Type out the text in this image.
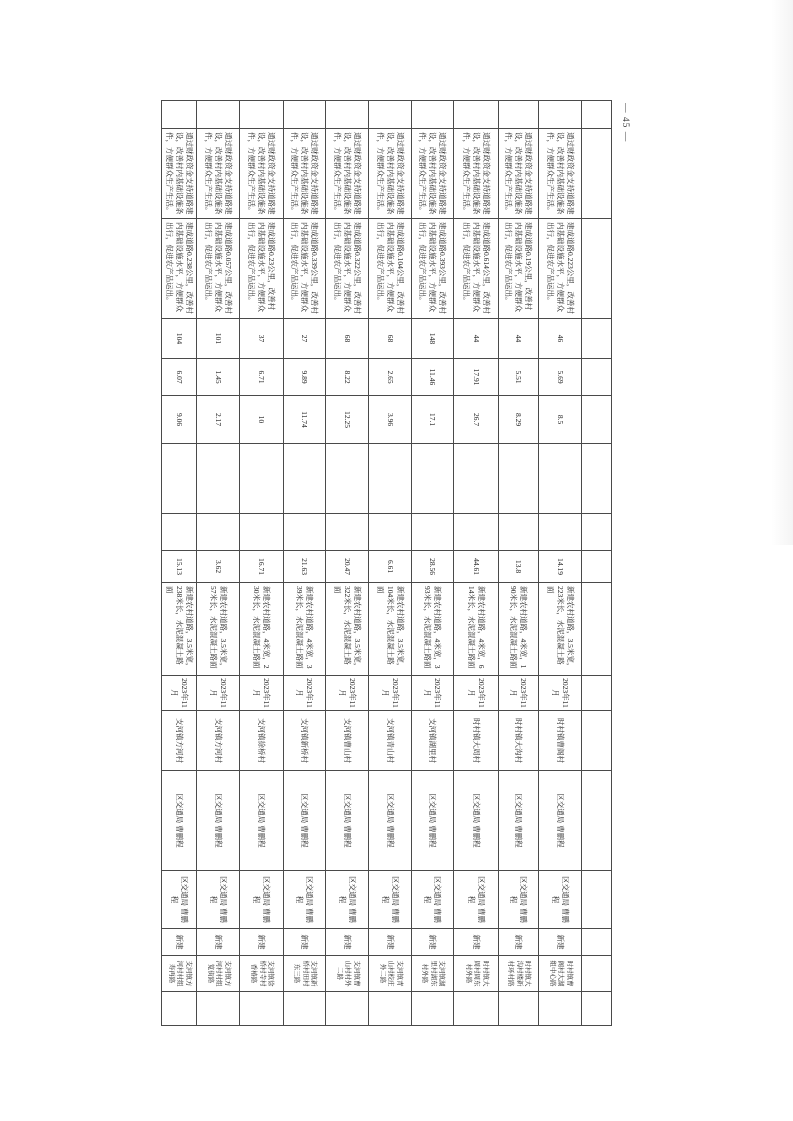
— 45 —

	通过财政资金支持道路建设，改善村内基础设施条件，方便群众生产生活。	建成道路0.223公里，改善村内基础设施水平，方便群众出行，促进农产品运出。	46	5.69	8.5			14.19	新建农村道路，3.5米宽，223米长，水泥混凝土路面	2023年11月	时村镇曹阁村	区交通局 曹鹏程	区交通局 曹鹏程	新建	时村镇曹阁村大湖组中心路	
	通过财政资金支持道路建设，改善村内基础设施条件，方便群众生产生活。	建成道路0.19公里，改善村内基础设施水平，方便群众出行，促进农产品运出。	44	5.51	8.29			13.8	新建农村道路，4米宽，190米长，水泥混凝土路面	2023年11月	时村镇大沟村	区交通局 曹鹏程	区交通局 曹鹏程	新建	时村镇大沟村楼新村环村路	
	通过财政资金支持道路建设，改善村内基础设施条件，方便群众生产生活。	建成道路0.614公里，改善村内基础设施水平，方便群众出行，促进农产品运出。	44	17.91	26.7			44.61	新建农村道路，4米宽，614米长，水泥混凝土路面	2023年11月	时村镇大周村	区交通局 曹鹏程	区交通局 曹鹏程	新建	时村镇大周村周东村外路	
	通过财政资金支持道路建设，改善村内基础设施条件，方便群众生产生活。	建成道路0.393公里，改善村内基础设施水平，方便群众出行，促进农产品运出。	148	11.46	17.1			28.56	新建农村道路，4米宽，393米长，水泥混凝土路面	2023年11月	支河镇湖里村	区交通局 曹鹏程	区交通局 曹鹏程	新建	支河镇湖里村湖东村外路	
	通过财政资金支持道路建设，改善村内基础设施条件，方便群众生产生活。	建成道路0.104公里，改善村内基础设施水平，方便群众出行，促进农产品运出。	68	2.65	3.96			6.61	新建农村道路，3.5米宽，104米长，水泥混凝土路面	2023年11月	支河镇青山村	区交通局 曹鹏程	区交通局 曹鹏程	新建	支河镇青山村校庄外二路	
	通过财政资金支持道路建设，改善村内基础设施条件，方便群众生产生活。	建成道路0.322公里，改善村内基础设施水平，方便群众出行，促进农产品运出。	68	8.22	12.25			20.47	新建农村道路，3.5米宽，322米长，水泥混凝土路面	2023年11月	支河镇曹山村	区交通局 曹鹏程	区交通局 曹鹏程	新建	支河镇曹山村村外二路	
	通过财政资金支持道路建设，改善村内基础设施条件，方便群众生产生活。	建成道路0.339公里，改善村内基础设施水平，方便群众出行，促进农产品运出。	27	9.89	11.74			21.63	新建农村道路，4米宽，339米长，水泥混凝土路面	2023年11月	支河镇新桥村	区交通局 曹鹏程	区交通局 曹鹏程	新建	支河镇新桥村田村东三路	
	通过财政资金支持道路建设，改善村内基础设施条件，方便群众生产生活。	建成道路0.23公里，改善村内基础设施水平，方便群众出行，促进农产品运出。	37	6.71	10			16.71	新建农村道路，4米宽，230米长，水泥混凝土路面	2023年11月	支河镇徐桥村	区交通局 曹鹏程	区交通局 曹鹏程	新建	支河镇徐桥村寺村香椿路	
	通过财政资金支持道路建设，改善村内基础设施条件，方便群众生产生活。	建成道路0.057公里，改善村内基础设施水平，方便群众出行，促进农产品运出。	101	1.45	2.17			3.62	新建农村道路，3.5米宽，57米长，水泥混凝土路面	2023年11月	支河镇方河村	区交通局 曹鹏程	区交通局 曹鹏程	新建	支河镇方河村村组笕街路	
	通过财政资金支持道路建设，改善村内基础设施条件，方便群众生产生活。	建成道路0.238公里，改善村内基础设施水平，方便群众出行，促进农产品运出。	104	6.07	9.06			15.13	新建农村道路，3.5米宽，238米长，水泥混凝土路面	2023年11月	支河镇方河村	区交通局 曹鹏程	区交通局 曹鹏程	新建	支河镇方河村村组寿再路	
